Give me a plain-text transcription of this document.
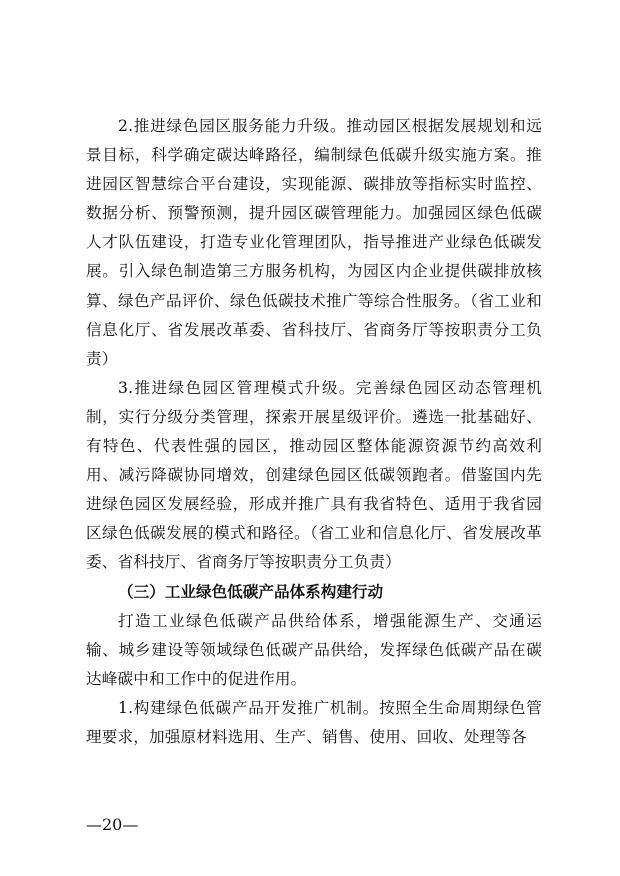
2.推进绿色园区服务能力升级。推动园区根据发展规划和远景目标，科学确定碳达峰路径，编制绿色低碳升级实施方案。推进园区智慧综合平台建设，实现能源、碳排放等指标实时监控、数据分析、预警预测，提升园区碳管理能力。加强园区绿色低碳人才队伍建设，打造专业化管理团队，指导推进产业绿色低碳发展。引入绿色制造第三方服务机构，为园区内企业提供碳排放核算、绿色产品评价、绿色低碳技术推广等综合性服务。（省工业和信息化厅、省发展改革委、省科技厅、省商务厅等按职责分工负责）

3.推进绿色园区管理模式升级。完善绿色园区动态管理机制，实行分级分类管理，探索开展星级评价。遴选一批基础好、有特色、代表性强的园区，推动园区整体能源资源节约高效利用、减污降碳协同增效，创建绿色园区低碳领跑者。借鉴国内先进绿色园区发展经验，形成并推广具有我省特色、适用于我省园区绿色低碳发展的模式和路径。（省工业和信息化厅、省发展改革委、省科技厅、省商务厅等按职责分工负责）

（三）工业绿色低碳产品体系构建行动

打造工业绿色低碳产品供给体系，增强能源生产、交通运输、城乡建设等领域绿色低碳产品供给，发挥绿色低碳产品在碳达峰碳中和工作中的促进作用。

1.构建绿色低碳产品开发推广机制。按照全生命周期绿色管理要求，加强原材料选用、生产、销售、使用、回收、处理等各

—20—
